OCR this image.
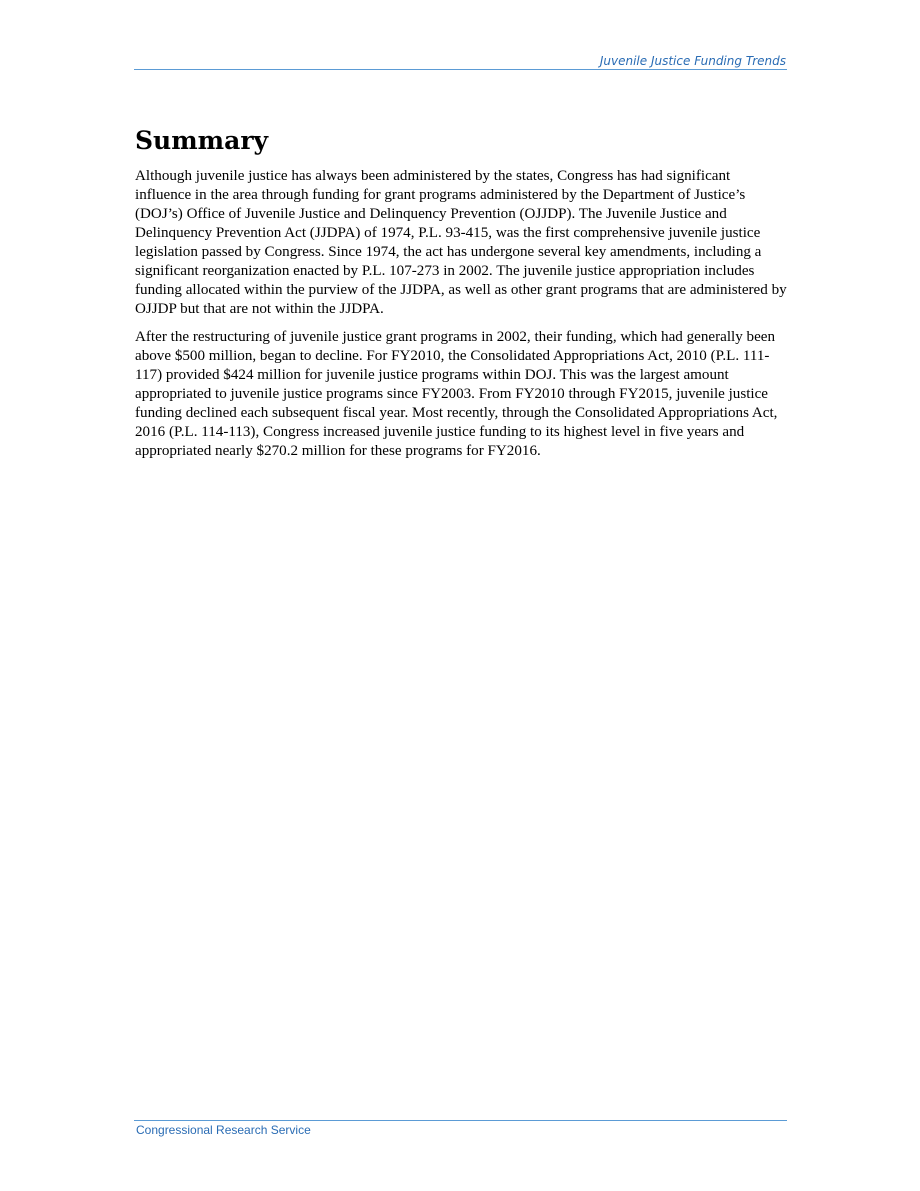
Juvenile Justice Funding Trends
Summary

Although juvenile justice has always been administered by the states, Congress has had significant influence in the area through funding for grant programs administered by the Department of Justice’s (DOJ’s) Office of Juvenile Justice and Delinquency Prevention (OJJDP). The Juvenile Justice and Delinquency Prevention Act (JJDPA) of 1974, P.L. 93-415, was the first comprehensive juvenile justice legislation passed by Congress. Since 1974, the act has undergone several key amendments, including a significant reorganization enacted by P.L. 107-273 in 2002. The juvenile justice appropriation includes funding allocated within the purview of the JJDPA, as well as other grant programs that are administered by OJJDP but that are not within the JJDPA.

After the restructuring of juvenile justice grant programs in 2002, their funding, which had generally been above $500 million, began to decline. For FY2010, the Consolidated Appropriations Act, 2010 (P.L. 111-117) provided $424 million for juvenile justice programs within DOJ. This was the largest amount appropriated to juvenile justice programs since FY2003. From FY2010 through FY2015, juvenile justice funding declined each subsequent fiscal year. Most recently, through the Consolidated Appropriations Act, 2016 (P.L. 114-113), Congress increased juvenile justice funding to its highest level in five years and appropriated nearly $270.2 million for these programs for FY2016.

Congressional Research Service
